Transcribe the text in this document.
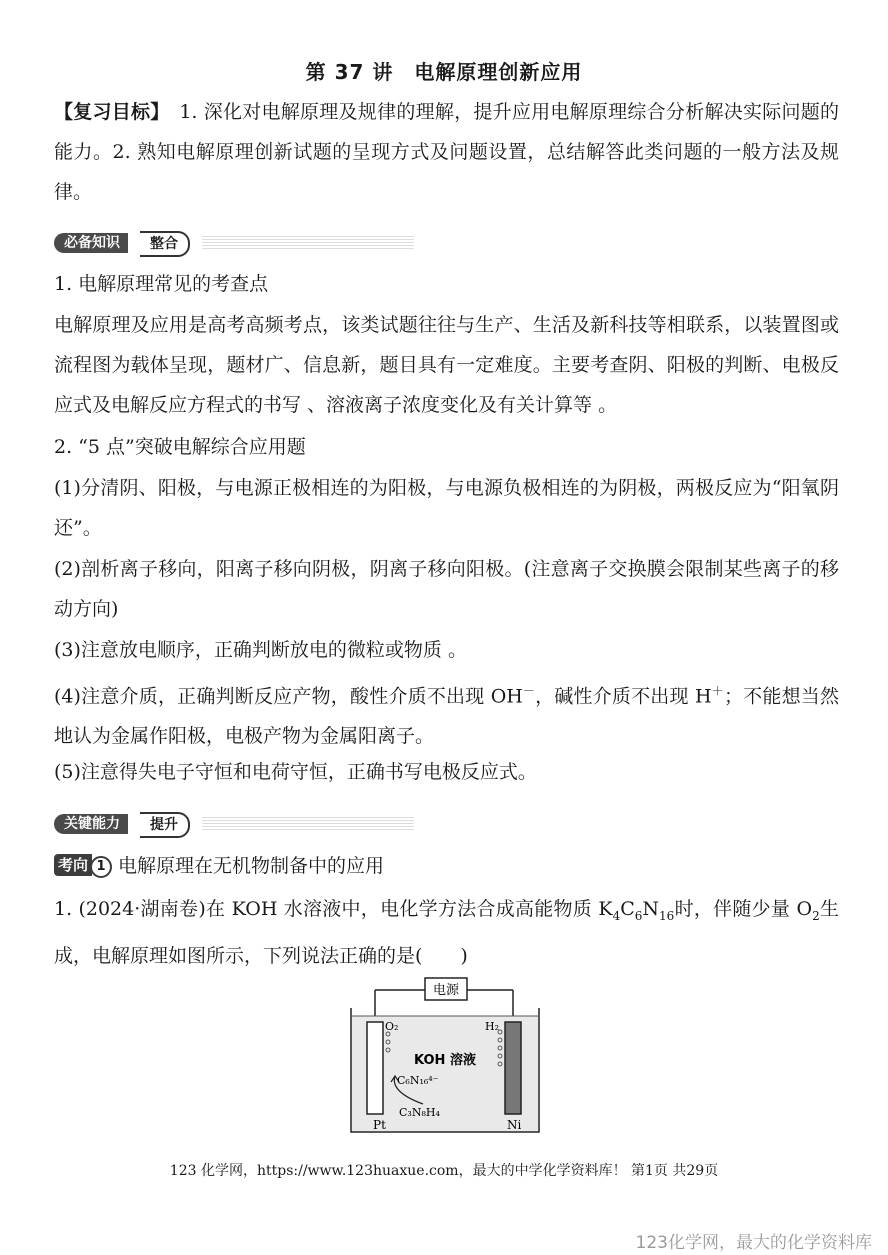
第 37 讲　电解原理创新应用
【复习目标】　1. 深化对电解原理及规律的理解，提升应用电解原理综合分析解决实际问题的能力。2. 熟知电解原理创新试题的呈现方式及问题设置，总结解答此类问题的一般方法及规律。
必备知识	整合
1. 电解原理常见的考查点
电解原理及应用是高考高频考点，该类试题往往与生产、生活及新科技等相联系，以装置图或流程图为载体呈现，题材广、信息新，题目具有一定难度。主要考查阴、阳极的判断、电极反应式及电解反应方程式的书写 、溶液离子浓度变化及有关计算等 。
2. “5 点”突破电解综合应用题
(1)分清阴、阳极，与电源正极相连的为阳极，与电源负极相连的为阴极，两极反应为“阳氧阴还”。
(2)剖析离子移向，阳离子移向阴极，阴离子移向阳极。(注意离子交换膜会限制某些离子的移动方向)
(3)注意放电顺序，正确判断放电的微粒或物质 。
(4)注意介质，正确判断反应产物，酸性介质不出现 OH－，碱性介质不出现 H＋；不能想当然地认为金属作阳极，电极产物为金属阳离子。
(5)注意得失电子守恒和电荷守恒，正确书写电极反应式。
关键能力	提升
考向 1 电解原理在无机物制备中的应用
1. (2024·湖南卷)在 KOH 水溶液中，电化学方法合成高能物质 $K_4C_6N_{16}$时，伴随少量 $O_2$生成，电解原理如图所示，下列说法正确的是(　　)
电源
O₂	H₂
KOH 溶液
C₆N₁₆⁴⁻
C₃N₈H₄
Pt	Ni
123 化学网，https://www.123huaxue.com，最大的中学化学资料库！ 第1页 共29页
123化学网，最大的化学资料库
